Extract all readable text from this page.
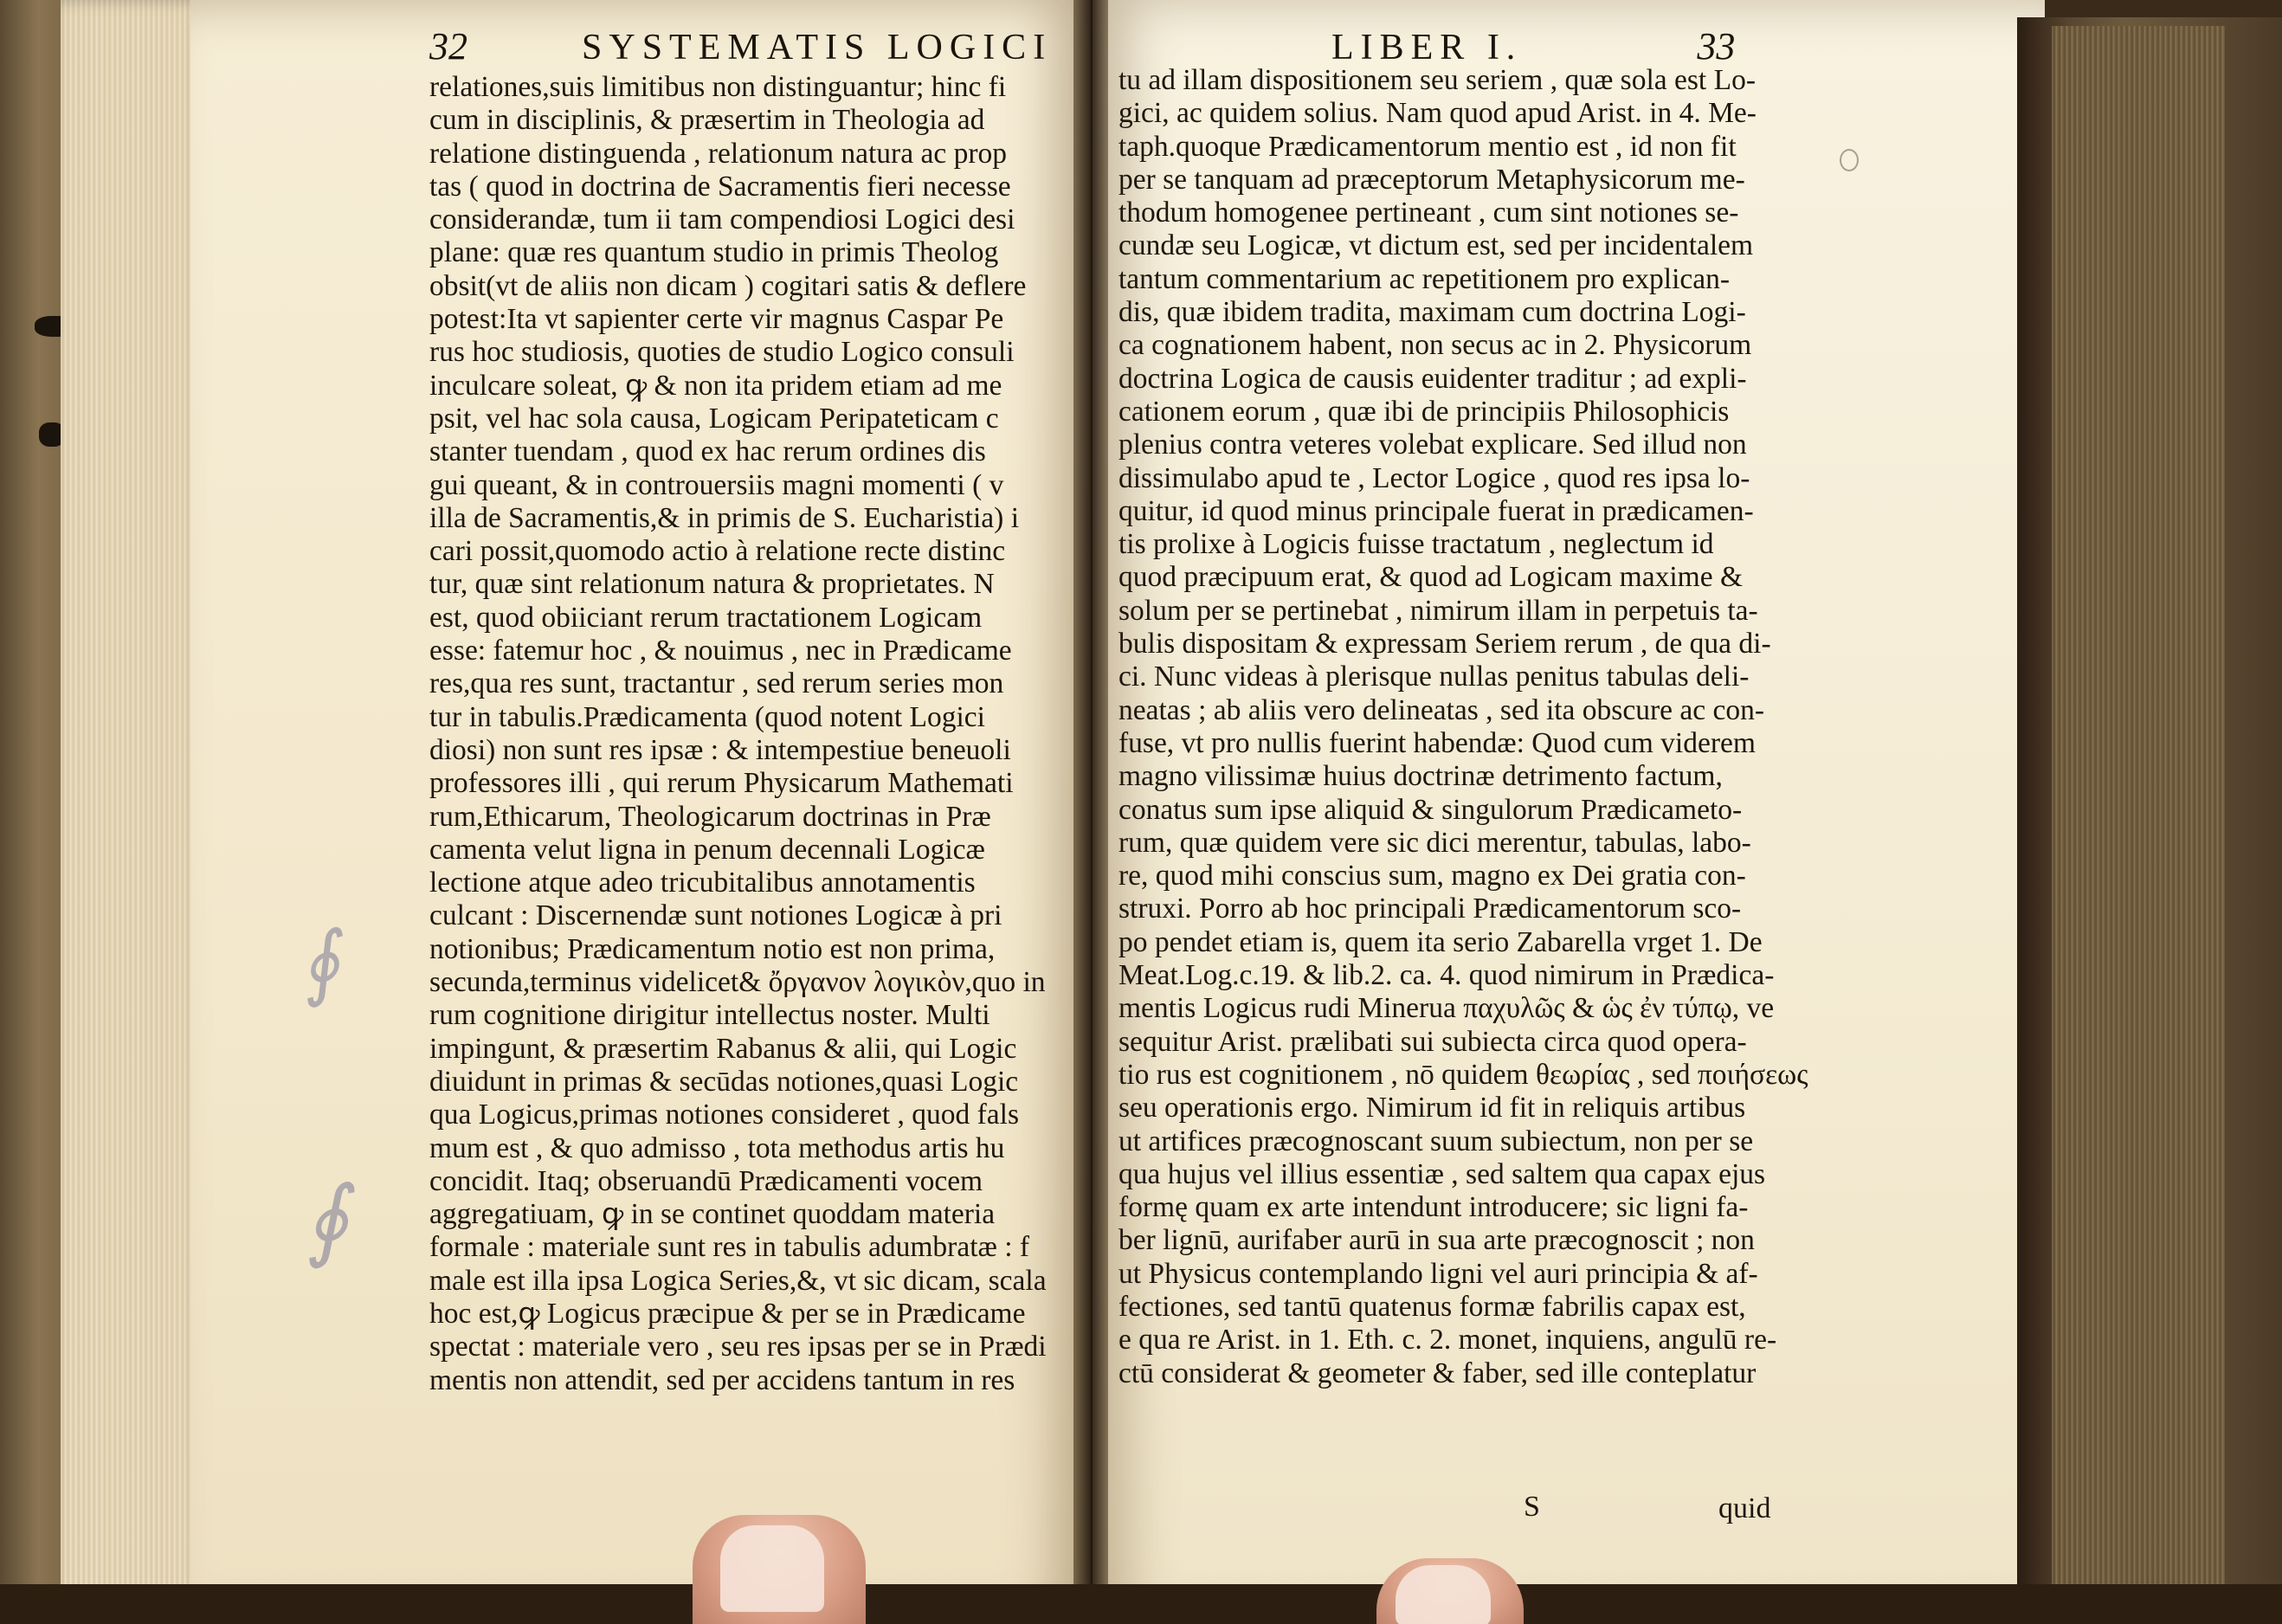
32	SYSTEMATIS LOGICI	LIBER I.	33
relationes,suis limitibus non distinguantur; hinc fi
cum in disciplinis, & præsertim in Theologia ad
relatione distinguenda , relationum natura ac prop
tas ( quod in doctrina de Sacramentis fieri necesse
considerandæ, tum ii tam compendiosi Logici desi
plane: quæ res quantum studio in primis Theolog
obsit(vt de aliis non dicam ) cogitari satis & deflere
potest:Ita vt sapienter certe vir magnus Caspar Pe
rus hoc studiosis, quoties de studio Logico consuli
inculcare soleat, ꝙ & non ita pridem etiam ad me
psit, vel hac sola causa, Logicam Peripateticam c
stanter tuendam , quod ex hac rerum ordines dis
gui queant, & in controuersiis magni momenti ( v
illa de Sacramentis,& in primis de S. Eucharistia) i
cari possit,quomodo actio à relatione recte distinc
tur, quæ sint relationum natura & proprietates. N
est, quod obiiciant rerum tractationem Logicam
esse: fatemur hoc , & nouimus , nec in Prædicame
res,qua res sunt, tractantur , sed rerum series mon
tur in tabulis.Prædicamenta (quod notent Logici
diosi) non sunt res ipsæ : & intempestiue beneuoli
professores illi , qui rerum Physicarum Mathemati
rum,Ethicarum, Theologicarum doctrinas in Præ
camenta velut ligna in penum decennali Logicæ
lectione atque adeo tricubitalibus annotamentis
culcant : Discernendæ sunt notiones Logicæ à pri
notionibus; Prædicamentum notio est non prima,
secunda,terminus videlicet& ὄργανον λογικὸν,quo in
rum cognitione dirigitur intellectus noster. Multi
impingunt, & præsertim Rabanus & alii, qui Logic
diuidunt in primas & secūdas notiones,quasi Logic
qua Logicus,primas notiones consideret , quod fals
mum est , & quo admisso , tota methodus artis hu
concidit. Itaq; obseruandū Prædicamenti vocem
aggregatiuam, ꝙ in se continet quoddam materia
formale : materiale sunt res in tabulis adumbratæ : f
male est illa ipsa Logica Series,&, vt sic dicam, scala
hoc est,ꝙ Logicus præcipue & per se in Prædicame
spectat : materiale vero , seu res ipsas per se in Prædi
mentis non attendit, sed per accidens tantum in res
tu ad illam dispositionem seu seriem , quæ sola est Lo-
gici, ac quidem solius. Nam quod apud Arist. in 4. Me-
taph.quoque Prædicamentorum mentio est , id non fit
per se tanquam ad præceptorum Metaphysicorum me-
thodum homogenee pertineant , cum sint notiones se-
cundæ seu Logicæ, vt dictum est, sed per incidentalem
tantum commentarium ac repetitionem pro explican-
dis, quæ ibidem tradita, maximam cum doctrina Logi-
ca cognationem habent, non secus ac in 2. Physicorum
doctrina Logica de causis euidenter traditur ; ad expli-
cationem eorum , quæ ibi de principiis Philosophicis
plenius contra veteres volebat explicare. Sed illud non
dissimulabo apud te , Lector Logice , quod res ipsa lo-
quitur, id quod minus principale fuerat in prædicamen-
tis prolixe à Logicis fuisse tractatum , neglectum id
quod præcipuum erat, & quod ad Logicam maxime &
solum per se pertinebat , nimirum illam in perpetuis ta-
bulis dispositam & expressam Seriem rerum , de qua di-
ci. Nunc videas à plerisque nullas penitus tabulas deli-
neatas ; ab aliis vero delineatas , sed ita obscure ac con-
fuse, vt pro nullis fuerint habendæ: Quod cum viderem
magno vilissimæ huius doctrinæ detrimento factum,
conatus sum ipse aliquid & singulorum Prædicameto-
rum, quæ quidem vere sic dici merentur, tabulas, labo-
re, quod mihi conscius sum, magno ex Dei gratia con-
struxi. Porro ab hoc principali Prædicamentorum sco-
po pendet etiam is, quem ita serio Zabarella vrget 1. De
Meat.Log.c.19. & lib.2. ca. 4. quod nimirum in Prædica-
mentis Logicus rudi Minerua παχυλῶς & ὡς ἐν τύπῳ, ve
sequitur Arist. prælibati sui subiecta circa quod opera-
tio rus est cognitionem , nō quidem θεωρίας , sed ποιήσεως
seu operationis ergo. Nimirum id fit in reliquis artibus
ut artifices præcognoscant suum subiectum, non per se
qua hujus vel illius essentiæ , sed saltem qua capax ejus
formę quam ex arte intendunt introducere; sic ligni fa-
ber lignū, aurifaber aurū in sua arte præcognoscit ; non
ut Physicus contemplando ligni vel auri principia & af-
fectiones, sed tantū quatenus formæ fabrilis capax est,
e qua re Arist. in 1. Eth. c. 2. monet, inquiens, angulū re-
ctū considerat & geometer & faber, sed ille conteplatur
S	quid
∮
∮
